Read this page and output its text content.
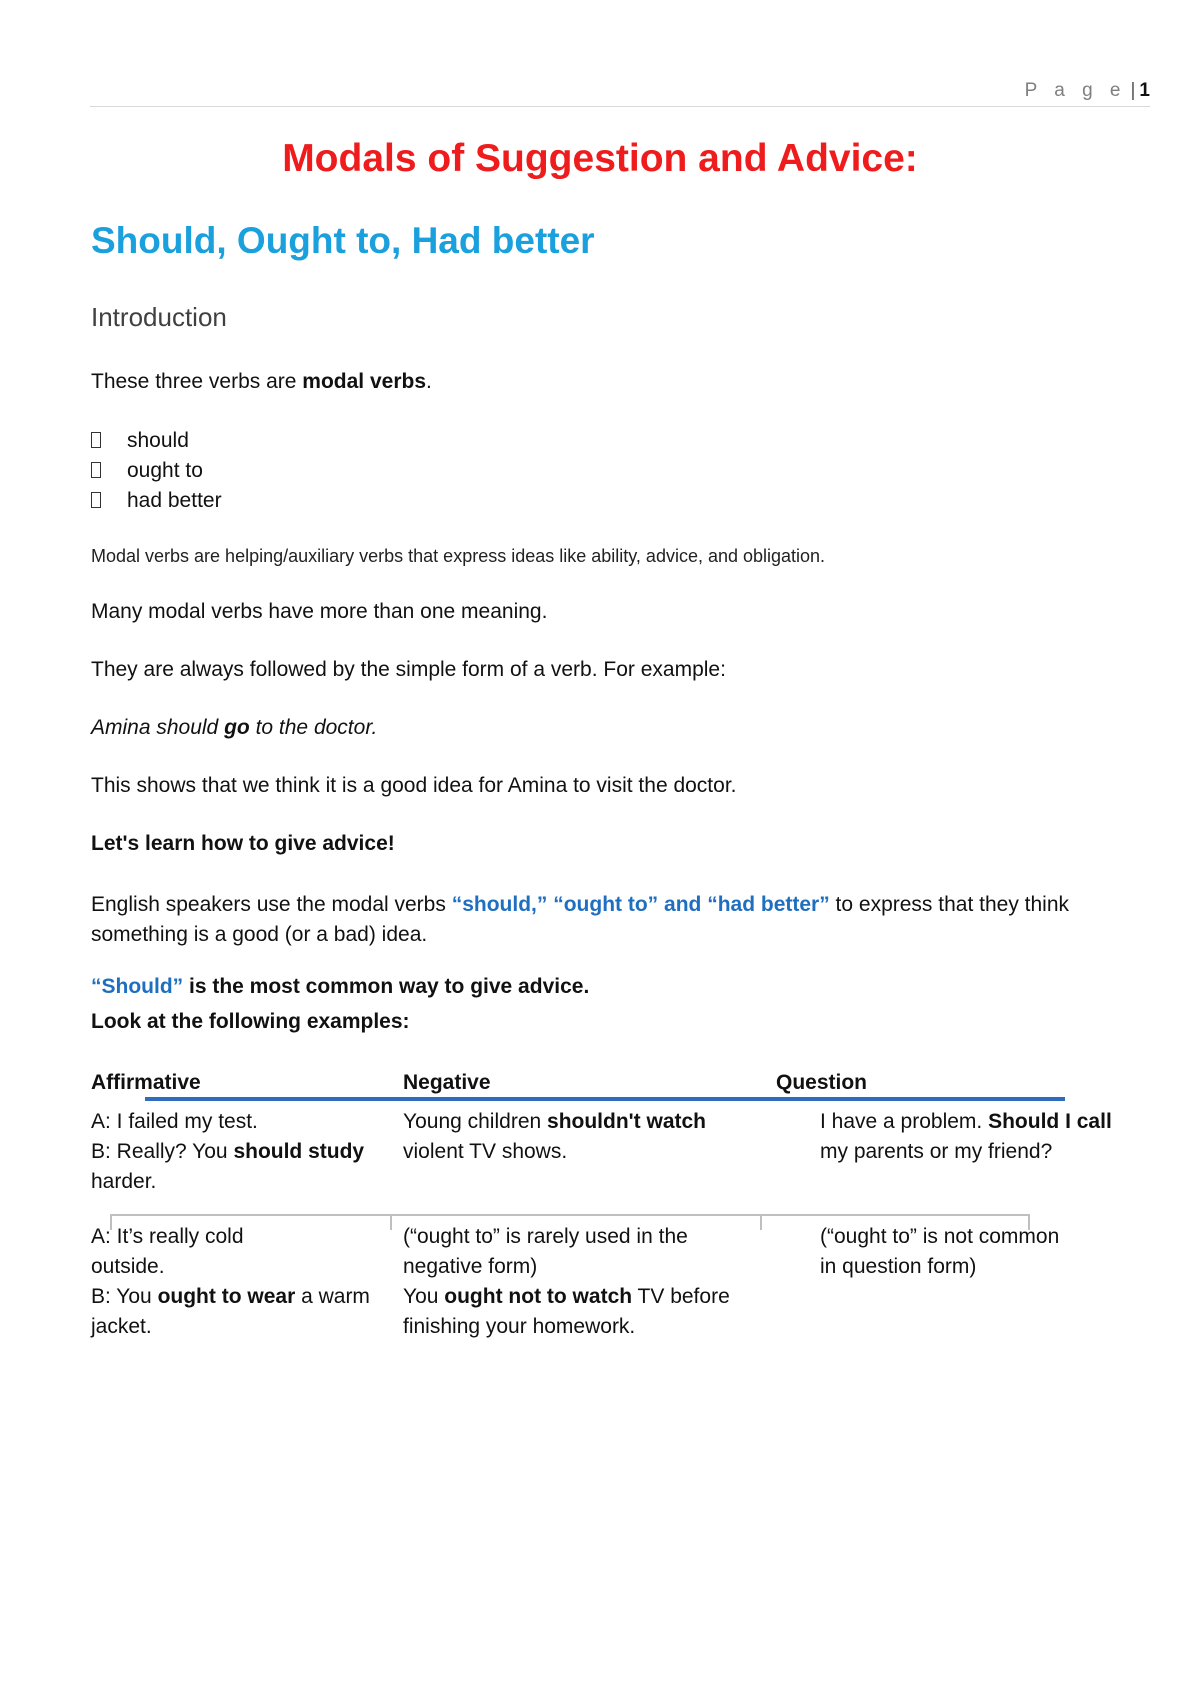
P a g e | 1
Modals of Suggestion and Advice:
Should, Ought to, Had better
Introduction
These three verbs are modal verbs.
should
ought to
had better
Modal verbs are helping/auxiliary verbs that express ideas like ability, advice, and obligation.
Many modal verbs have more than one meaning.
They are always followed by the simple form of a verb. For example:
Amina should go to the doctor.
This shows that we think it is a good idea for Amina to visit the doctor.
Let's learn how to give advice!
English speakers use the modal verbs “should,” “ought to” and “had better” to express that they think
something is a good (or a bad) idea.
“Should” is the most common way to give advice.
Look at the following examples:
Affirmative	Negative	Question
A: I failed my test.
B: Really? You should study
harder.
Young children shouldn't watch
violent TV shows.
I have a problem. Should I call
my parents or my friend?
A: It’s really cold
outside.
B: You ought to wear a warm
jacket.
(“ought to” is rarely used in the
negative form)
You ought not to watch TV before
finishing your homework.
(“ought to” is not common
in question form)
